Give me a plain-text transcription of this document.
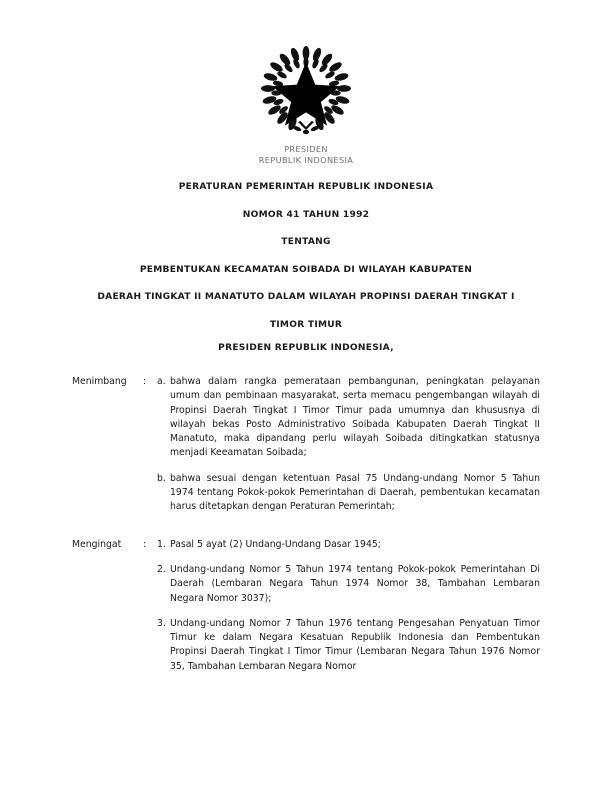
PRESIDEN
REPUBLIK INDONESIA
PERATURAN PEMERINTAH REPUBLIK INDONESIA
NOMOR 41 TAHUN 1992
TENTANG
PEMBENTUKAN KECAMATAN SOIBADA DI WILAYAH KABUPATEN
DAERAH TINGKAT II MANATUTO DALAM WILAYAH PROPINSI DAERAH TINGKAT I
TIMOR TIMUR
PRESIDEN REPUBLIK INDONESIA,
Menimbang	: a. bahwa dalam rangka pemerataan pembangunan, peningkatan pelayanan umum dan pembinaan masyarakat, serta memacu pengembangan wilayah di Propinsi Daerah Tingkat I Timor Timur pada umumnya dan khususnya di wilayah bekas Posto Administrativo Soibada Kabupaten Daerah Tingkat II Manatuto, maka dipandang perlu wilayah Soibada ditingkatkan statusnya menjadi Keeamatan Soibada;
b. bahwa sesuai dengan ketentuan Pasal 75 Undang-undang Nomor 5 Tahun 1974 tentang Pokok-pokok Pemerintahan di Daerah, pembentukan kecamatan harus ditetapkan dengan Peraturan Pemerintah;
Mengingat	: 1. Pasal 5 ayat (2) Undang-Undang Dasar 1945;
2. Undang-undang Nomor 5 Tahun 1974 tentang Pokok-pokok Pemerintahan Di Daerah (Lembaran Negara Tahun 1974 Nomor 38, Tambahan Lembaran Negara Nomor 3037);
3. Undang-undang Nomor 7 Tahun 1976 tentang Pengesahan Penyatuan Timor Timur ke dalam Negara Kesatuan Republik Indonesia dan Pembentukan Propinsi Daerah Tingkat I Timor Timur (Lembaran Negara Tahun 1976 Nomor 35, Tambahan Lembaran Negara Nomor
